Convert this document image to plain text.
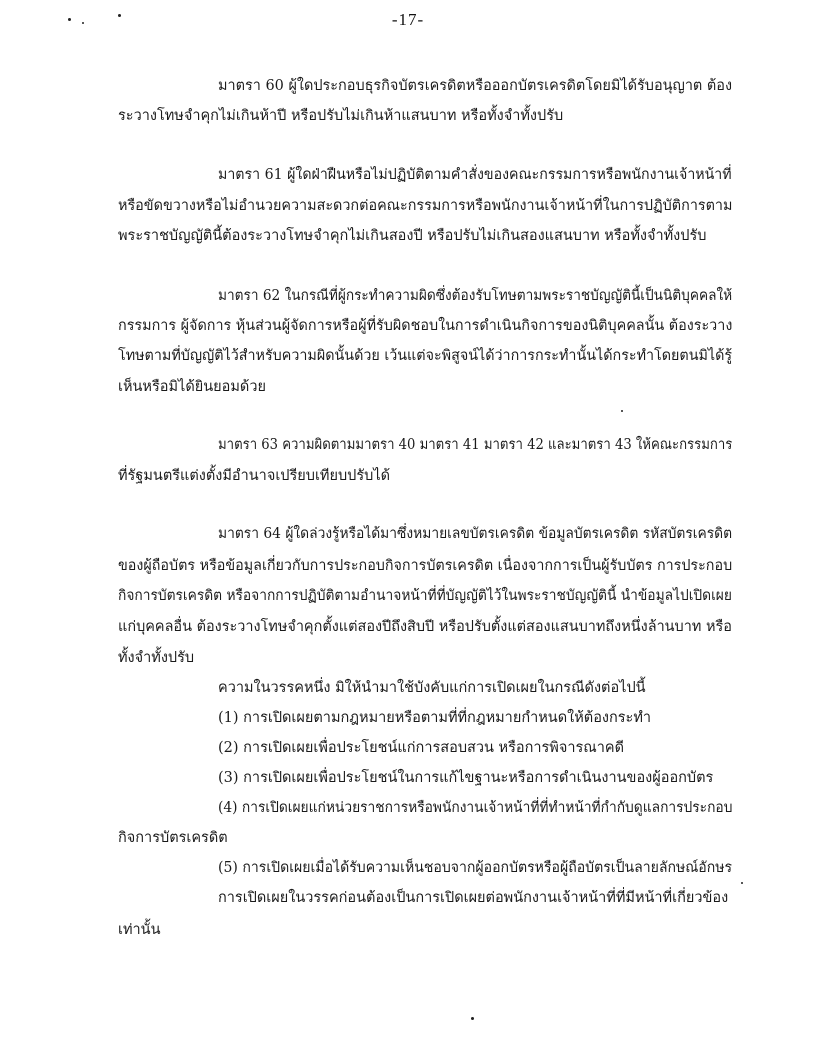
-17-
มาตรา 60 ผู้ใดประกอบธุรกิจบัตรเครดิตหรือออกบัตรเครดิตโดยมิได้รับอนุญาต ต้อง
ระวางโทษจำคุกไม่เกินห้าปี หรือปรับไม่เกินห้าแสนบาท หรือทั้งจำทั้งปรับ
มาตรา 61 ผู้ใดฝ่าฝืนหรือไม่ปฏิบัติตามคำสั่งของคณะกรรมการหรือพนักงานเจ้าหน้าที่
หรือขัดขวางหรือไม่อำนวยความสะดวกต่อคณะกรรมการหรือพนักงานเจ้าหน้าที่ในการปฏิบัติการตาม
พระราชบัญญัตินี้ต้องระวางโทษจำคุกไม่เกินสองปี หรือปรับไม่เกินสองแสนบาท หรือทั้งจำทั้งปรับ
มาตรา 62 ในกรณีที่ผู้กระทำความผิดซึ่งต้องรับโทษตามพระราชบัญญัตินี้เป็นนิติบุคคลให้
กรรมการ ผู้จัดการ หุ้นส่วนผู้จัดการหรือผู้ที่รับผิดชอบในการดำเนินกิจการของนิติบุคคลนั้น ต้องระวาง
โทษตามที่บัญญัติไว้สำหรับความผิดนั้นด้วย เว้นแต่จะพิสูจน์ได้ว่าการกระทำนั้นได้กระทำโดยตนมิได้รู้
เห็นหรือมิได้ยินยอมด้วย
มาตรา 63 ความผิดตามมาตรา 40 มาตรา 41 มาตรา 42 และมาตรา 43 ให้คณะกรรมการ
ที่รัฐมนตรีแต่งตั้งมีอำนาจเปรียบเทียบปรับได้
มาตรา 64 ผู้ใดล่วงรู้หรือได้มาซึ่งหมายเลขบัตรเครดิต ข้อมูลบัตรเครดิต รหัสบัตรเครดิต
ของผู้ถือบัตร หรือข้อมูลเกี่ยวกับการประกอบกิจการบัตรเครดิต เนื่องจากการเป็นผู้รับบัตร การประกอบ
กิจการบัตรเครดิต หรือจากการปฏิบัติตามอำนาจหน้าที่ที่บัญญัติไว้ในพระราชบัญญัตินี้ นำข้อมูลไปเปิดเผย
แก่บุคคลอื่น ต้องระวางโทษจำคุกตั้งแต่สองปีถึงสิบปี หรือปรับตั้งแต่สองแสนบาทถึงหนึ่งล้านบาท หรือ
ทั้งจำทั้งปรับ
ความในวรรคหนึ่ง มิให้นำมาใช้บังคับแก่การเปิดเผยในกรณีดังต่อไปนี้
(1) การเปิดเผยตามกฎหมายหรือตามที่ที่กฎหมายกำหนดให้ต้องกระทำ
(2) การเปิดเผยเพื่อประโยชน์แก่การสอบสวน หรือการพิจารณาคดี
(3) การเปิดเผยเพื่อประโยชน์ในการแก้ไขฐานะหรือการดำเนินงานของผู้ออกบัตร
(4) การเปิดเผยแก่หน่วยราชการหรือพนักงานเจ้าหน้าที่ที่ทำหน้าที่กำกับดูแลการประกอบ
กิจการบัตรเครดิต
(5) การเปิดเผยเมื่อได้รับความเห็นชอบจากผู้ออกบัตรหรือผู้ถือบัตรเป็นลายลักษณ์อักษร
การเปิดเผยในวรรคก่อนต้องเป็นการเปิดเผยต่อพนักงานเจ้าหน้าที่ที่มีหน้าที่เกี่ยวข้อง
เท่านั้น
